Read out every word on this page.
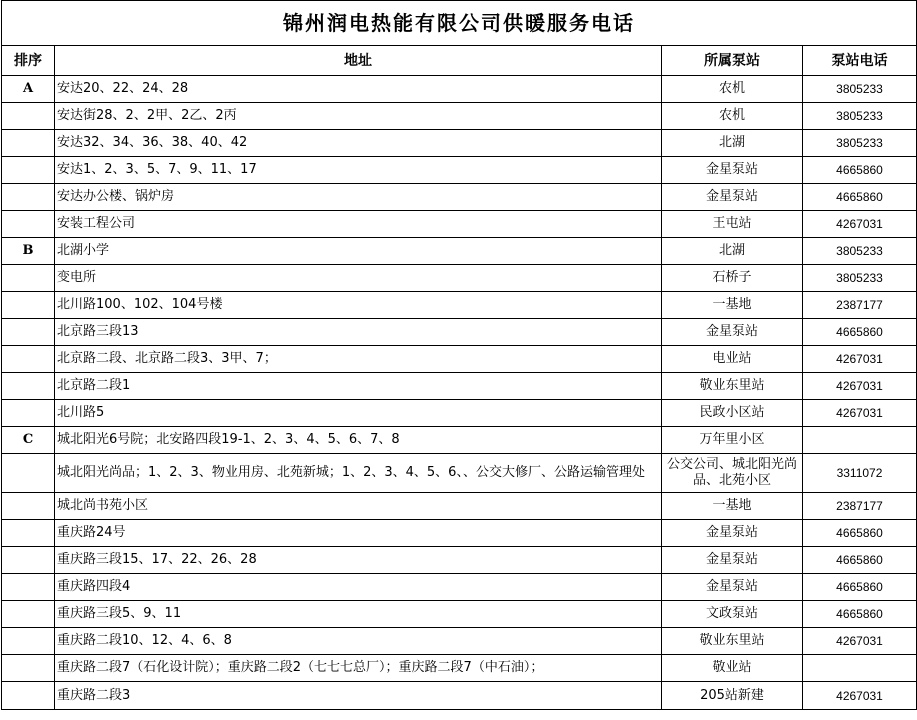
锦州润电热能有限公司供暖服务电话			
排序	地址	所属泵站	泵站电话
A	安达20、22、24、28	农机	3805233
	安达街28、2、2甲、2乙、2丙	农机	3805233
	安达32、34、36、38、40、42	北湖	3805233
	安达1、2、3、5、7、9、11、17	金星泵站	4665860
	安达办公楼、锅炉房	金星泵站	4665860
	安装工程公司	王屯站	4267031
B	北湖小学	北湖	3805233
	变电所	石桥子	3805233
	北川路100、102、104号楼	一基地	2387177
	北京路三段13	金星泵站	4665860
	北京路二段、北京路二段3、3甲、7；	电业站	4267031
	北京路二段1	敬业东里站	4267031
	北川路5	民政小区站	4267031
C	城北阳光6号院；北安路四段19-1、2、3、4、5、6、7、8	万年里小区	
	城北阳光尚品；1、2、3、物业用房、北苑新城；1、2、3、4、5、6、、公交大修厂、公路运输管理处	公交公司、城北阳光尚品、北苑小区	3311072
	城北尚书苑小区	一基地	2387177
	重庆路24号	金星泵站	4665860
	重庆路三段15、17、22、26、28	金星泵站	4665860
	重庆路四段4	金星泵站	4665860
	重庆路三段5、9、11	文政泵站	4665860
	重庆路二段10、12、4、6、8	敬业东里站	4267031
	重庆路二段7（石化设计院）；重庆路二段2（七七七总厂）；重庆路二段7（中石油）；	敬业站	
	重庆路二段3	205站新建	4267031
